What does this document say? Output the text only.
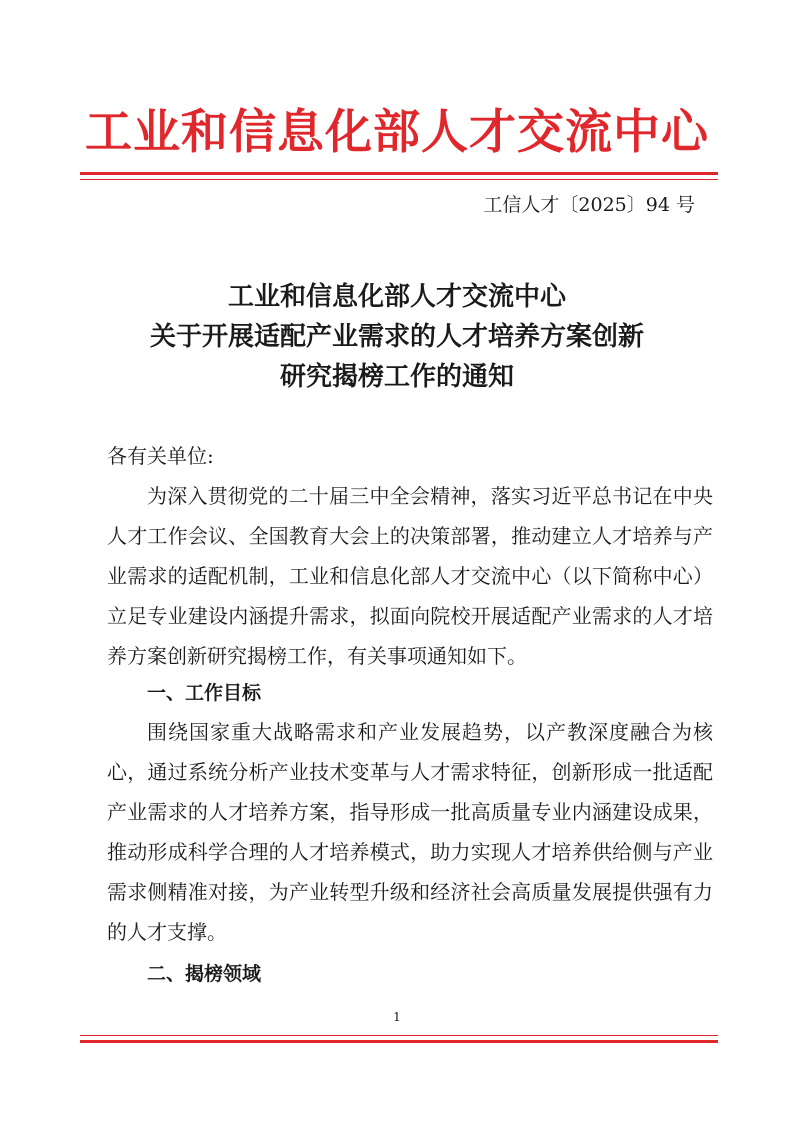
工业和信息化部人才交流中心
工信人才〔2025〕94 号
工业和信息化部人才交流中心
关于开展适配产业需求的人才培养方案创新
研究揭榜工作的通知
各有关单位:
为深入贯彻党的二十届三中全会精神，落实习近平总书记在中央人才工作会议、全国教育大会上的决策部署，推动建立人才培养与产业需求的适配机制，工业和信息化部人才交流中心（以下简称中心）立足专业建设内涵提升需求，拟面向院校开展适配产业需求的人才培养方案创新研究揭榜工作，有关事项通知如下。
一、工作目标
围绕国家重大战略需求和产业发展趋势，以产教深度融合为核心，通过系统分析产业技术变革与人才需求特征，创新形成一批适配产业需求的人才培养方案，指导形成一批高质量专业内涵建设成果，推动形成科学合理的人才培养模式，助力实现人才培养供给侧与产业需求侧精准对接，为产业转型升级和经济社会高质量发展提供强有力的人才支撑。
二、揭榜领域
1
